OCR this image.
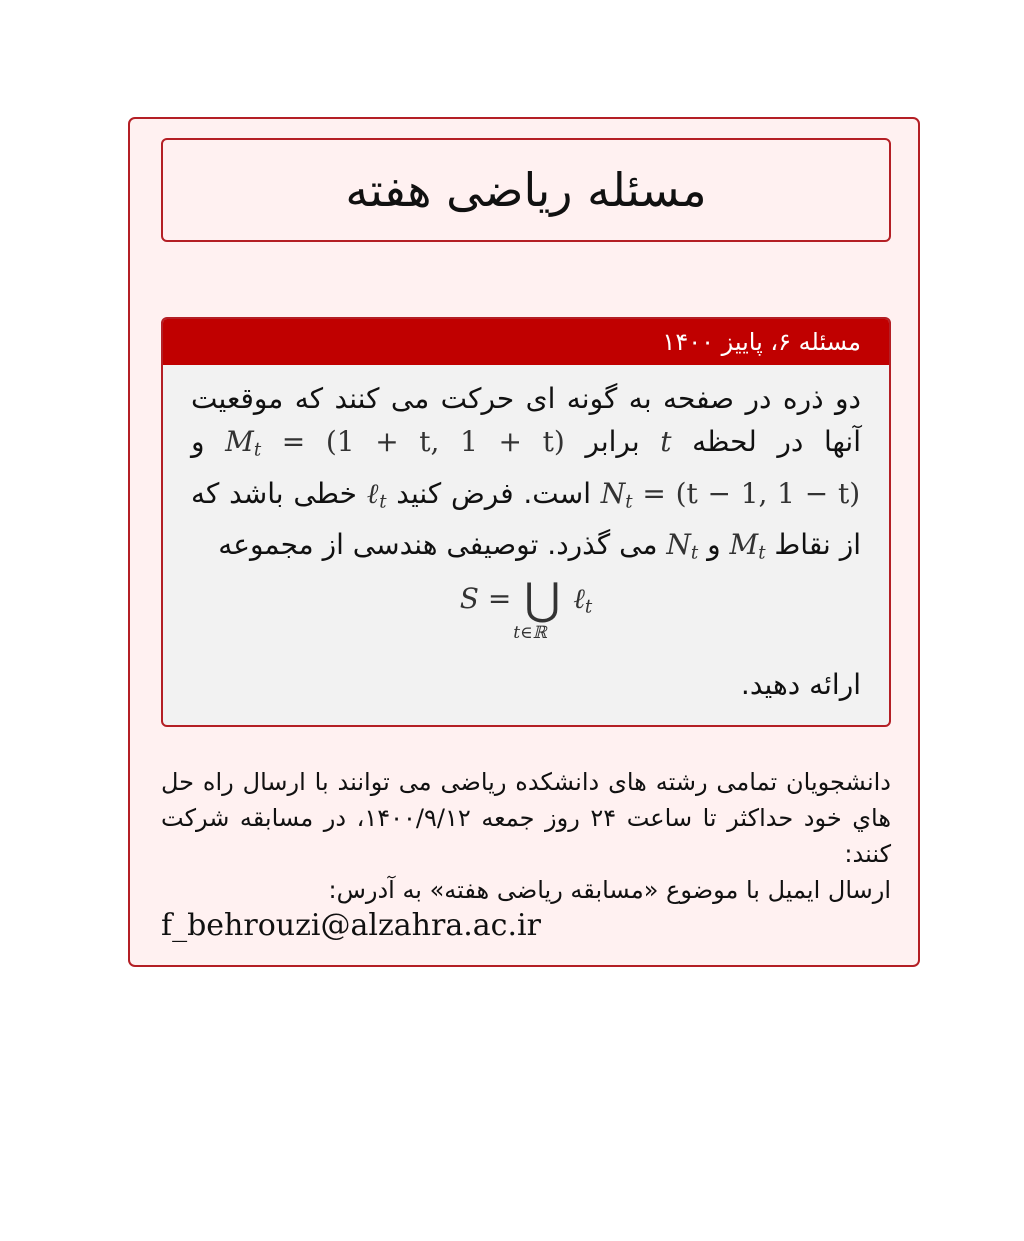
مسئله ریاضی هفته
مسئله ۶، پاییز ۱۴۰۰
دو ذره در صفحه به گونه ای حرکت می کنند که موقعیت آنها در لحظه t برابر $M_t = (1 + t$, 1 + t) و $N_t = (t - 1$, 1 − t) است. فرض کنید ℓ$_t$ خطی باشد که از نقاط $M_t$ و $N_t$ می گذرد. توصیفی هندسی از مجموعه
S = ⋃ ℓ$_t$
t∈ℝ
ارائه دهید.

دانشجویان تمامی رشته های دانشکده ریاضی می توانند با ارسال راه حل هاي خود حداکثر تا ساعت ۲۴ روز جمعه ۱۴۰۰/۹/۱۲، در مسابقه شرکت کنند:

ارسال ایمیل با موضوع «مسابقه ریاضی هفته» به آدرس:

f_behrouzi@alzahra.ac.ir
